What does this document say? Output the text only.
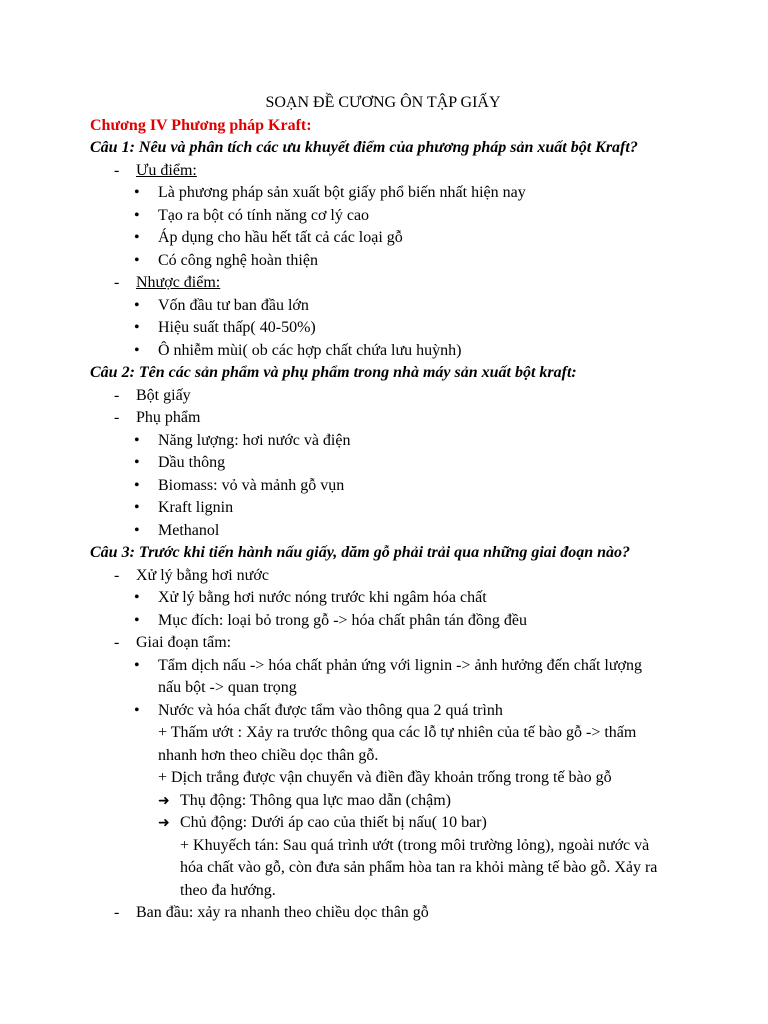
SOẠN ĐỀ CƯƠNG ÔN TẬP GIẤY
Chương IV Phương pháp Kraft:
Câu 1: Nêu và phân tích các ưu khuyết điểm của phương pháp sản xuất bột Kraft?
- Ưu điểm:
• Là phương pháp sản xuất bột giấy phổ biến nhất hiện nay
• Tạo ra bột có tính năng cơ lý cao
• Áp dụng cho hầu hết tất cả các loại gỗ
• Có công nghệ hoàn thiện
- Nhược điểm:
• Vốn đầu tư ban đầu lớn
• Hiệu suất thấp( 40-50%)
• Ô nhiễm mùi( ob các hợp chất chứa lưu huỳnh)
Câu 2: Tên các sản phẩm và phụ phẩm trong nhà máy sản xuất bột kraft:
- Bột giấy
- Phụ phẩm
• Năng lượng: hơi nước và điện
• Dầu thông
• Biomass: vỏ và mảnh gỗ vụn
• Kraft lignin
• Methanol
Câu 3: Trước khi tiến hành nấu giấy, dăm gỗ phải trải qua những giai đoạn nào?
- Xử lý bằng hơi nước
• Xử lý bằng hơi nước nóng trước khi ngâm hóa chất
• Mục đích: loại bỏ trong gỗ -> hóa chất phân tán đồng đều
- Giai đoạn tẩm:
• Tẩm dịch nấu -> hóa chất phản ứng với lignin -> ảnh hưởng đến chất lượng
nấu bột -> quan trọng
• Nước và hóa chất được tẩm vào thông qua 2 quá trình
+ Thấm ướt : Xảy ra trước thông qua các lỗ tự nhiên của tế bào gỗ -> thấm
nhanh hơn theo chiều dọc thân gỗ.
+ Dịch trắng được vận chuyển và điền đầy khoản trống trong tế bào gỗ
➜ Thụ động: Thông qua lực mao dẫn (chậm)
➜ Chủ động: Dưới áp cao của thiết bị nấu( 10 bar)
+ Khuyếch tán: Sau quá trình ướt (trong môi trường lỏng), ngoài nước và
hóa chất vào gỗ, còn đưa sản phẩm hòa tan ra khỏi màng tế bào gỗ. Xảy ra
theo đa hướng.
- Ban đầu: xảy ra nhanh theo chiều dọc thân gỗ
